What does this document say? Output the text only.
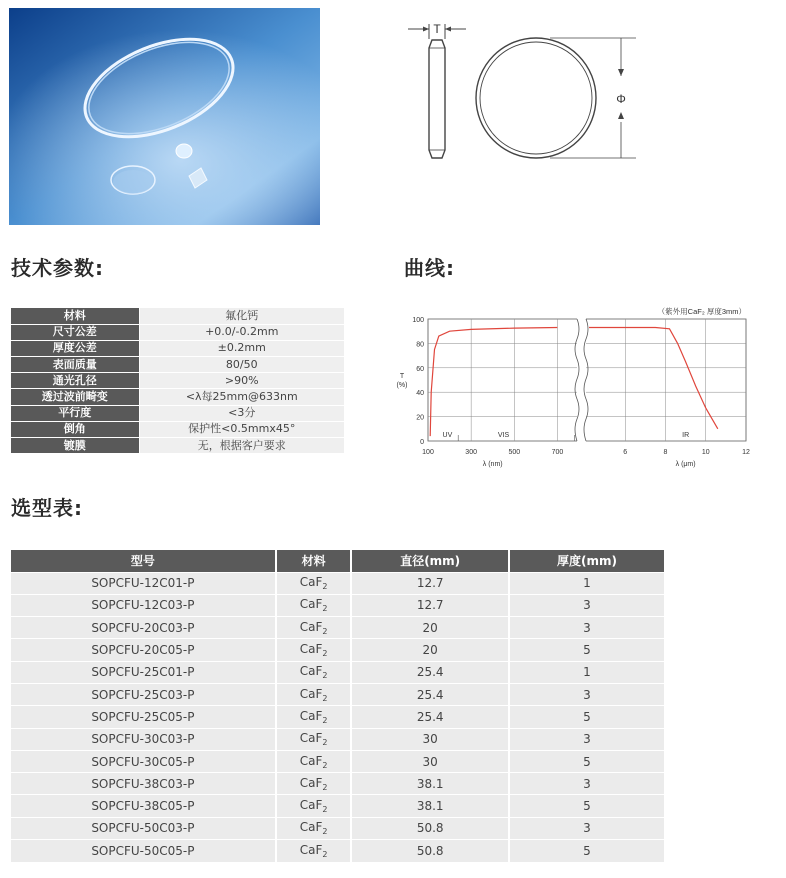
T
Φ
技术参数:	曲线:
选型表:
材料	氟化钙
尺寸公差	+0.0/-0.2mm
厚度公差	±0.2mm
表面质量	80/50
通光孔径	>90%
透过波前畸变	<λ每25mm@633nm
平行度	<3分
倒角	保护性<0.5mmx45°
镀膜	无，根据客户要求	0
20
40
60
80
100
100	300	500	700	6	8	10	12
λ (nm)	λ (μm)
T
(%)
（紫外用CaF₂ 厚度3mm）
UV	VIS	IR
型号	材料	直径(mm)	厚度(mm)
SOPCFU-12C01-P	CaF$_2$	12.7	1
SOPCFU-12C03-P	CaF$_2$	12.7	3
SOPCFU-20C03-P	CaF$_2$	20	3
SOPCFU-20C05-P	CaF$_2$	20	5
SOPCFU-25C01-P	CaF$_2$	25.4	1
SOPCFU-25C03-P	CaF$_2$	25.4	3
SOPCFU-25C05-P	CaF$_2$	25.4	5
SOPCFU-30C03-P	CaF$_2$	30	3
SOPCFU-30C05-P	CaF$_2$	30	5
SOPCFU-38C03-P	CaF$_2$	38.1	3
SOPCFU-38C05-P	CaF$_2$	38.1	5
SOPCFU-50C03-P	CaF$_2$	50.8	3
SOPCFU-50C05-P	CaF$_2$	50.8	5
